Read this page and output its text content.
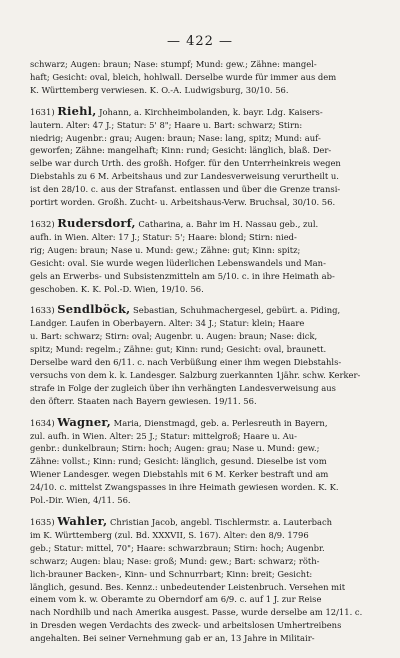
— 422 —

schwarz; Augen: braun; Nase: stumpf; Mund: gew.; Zähne: mangel-

haft; Gesicht: oval, bleich, hohlwall. Derselbe wurde für immer aus dem

K. Württemberg verwiesen. K. O.-A. Ludwigsburg, 30/10. 56.

1631) Riehl, Johann, a. Kirchheimbolanden, k. bayr. Ldg. Kaisers-

lautern. Alter: 47 J.; Statur: 5' 8"; Haare u. Bart: schwarz; Stirn:

niedrig; Augenbr.: grau; Augen: braun; Nase: lang, spitz; Mund: auf-

geworfen; Zähne: mangelhaft; Kinn: rund; Gesicht: länglich, blaß. Der-

selbe war durch Urth. des großh. Hofger. für den Unterrheinkreis wegen

Diebstahls zu 6 M. Arbeitshaus und zur Landesverweisung verurtheilt u.

ist den 28/10. c. aus der Strafanst. entlassen und über die Grenze transi-

portirt worden. Großh. Zucht- u. Arbeitshaus-Verw. Bruchsal, 30/10. 56.

1632) Rudersdorf, Catharina, a. Bahr im H. Nassau geb., zul.

aufh. in Wien. Alter: 17 J.; Statur: 5'; Haare: blond; Stirn: nied-

rig; Augen: braun; Nase u. Mund: gew.; Zähne: gut; Kinn: spitz;

Gesicht: oval. Sie wurde wegen lüderlichen Lebenswandels und Man-

gels an Erwerbs- und Subsistenzmitteln am 5/10. c. in ihre Heimath ab-

geschoben. K. K. Pol.-D. Wien, 19/10. 56.

1633) Sendlböck, Sebastian, Schuhmachergesel, gebürt. a. Piding,

Landger. Laufen in Oberbayern. Alter: 34 J.; Statur: klein; Haare

u. Bart: schwarz; Stirn: oval; Augenbr. u. Augen: braun; Nase: dick,

spitz; Mund: regelm.; Zähne: gut; Kinn: rund; Gesicht: oval, braunett.

Derselbe ward den 6/11. c. nach Verbüßung einer ihm wegen Diebstahls-

versuchs von dem k. k. Landesger. Salzburg zuerkannten 1jähr. schw. Kerker-

strafe in Folge der zugleich über ihn verhängten Landesverweisung aus

den öfterr. Staaten nach Bayern gewiesen. 19/11. 56.

1634) Wagner, Maria, Dienstmagd, geb. a. Perlesreuth in Bayern,

zul. aufh. in Wien. Alter: 25 J.; Statur: mittelgroß; Haare u. Au-

genbr.: dunkelbraun; Stirn: hoch; Augen: grau; Nase u. Mund: gew.;

Zähne: vollst.; Kinn: rund; Gesicht: länglich, gesund. Dieselbe ist vom

Wiener Landesger. wegen Diebstahls mit 6 M. Kerker bestraft und am

24/10. c. mittelst Zwangspasses in ihre Heimath gewiesen worden. K. K.

Pol.-Dir. Wien, 4/11. 56.

1635) Wahler, Christian Jacob, angebl. Tischlermstr. a. Lauterbach

im K. Württemberg (zul. Bd. XXXVII, S. 167). Alter: den 8/9. 1796

geb.; Statur: mittel, 70"; Haare: schwarzbraun; Stirn: hoch; Augenbr.

schwarz; Augen: blau; Nase: groß; Mund: gew.; Bart: schwarz; röth-

lich-brauner Backen-, Kinn- und Schnurrbart; Kinn: breit; Gesicht:

länglich, gesund. Bes. Kennz.: unbedeutender Leistenbruch. Versehen mit

einem vom k. w. Oberamte zu Oberndorf am 6/9. c. auf 1 J. zur Reise

nach Nordhilb und nach Amerika ausgest. Passe, wurde derselbe am 12/11. c.

in Dresden wegen Verdachts des zweck- und arbeitslosen Umhertreibens

angehalten. Bei seiner Vernehmung gab er an, 13 Jahre in Militair-
